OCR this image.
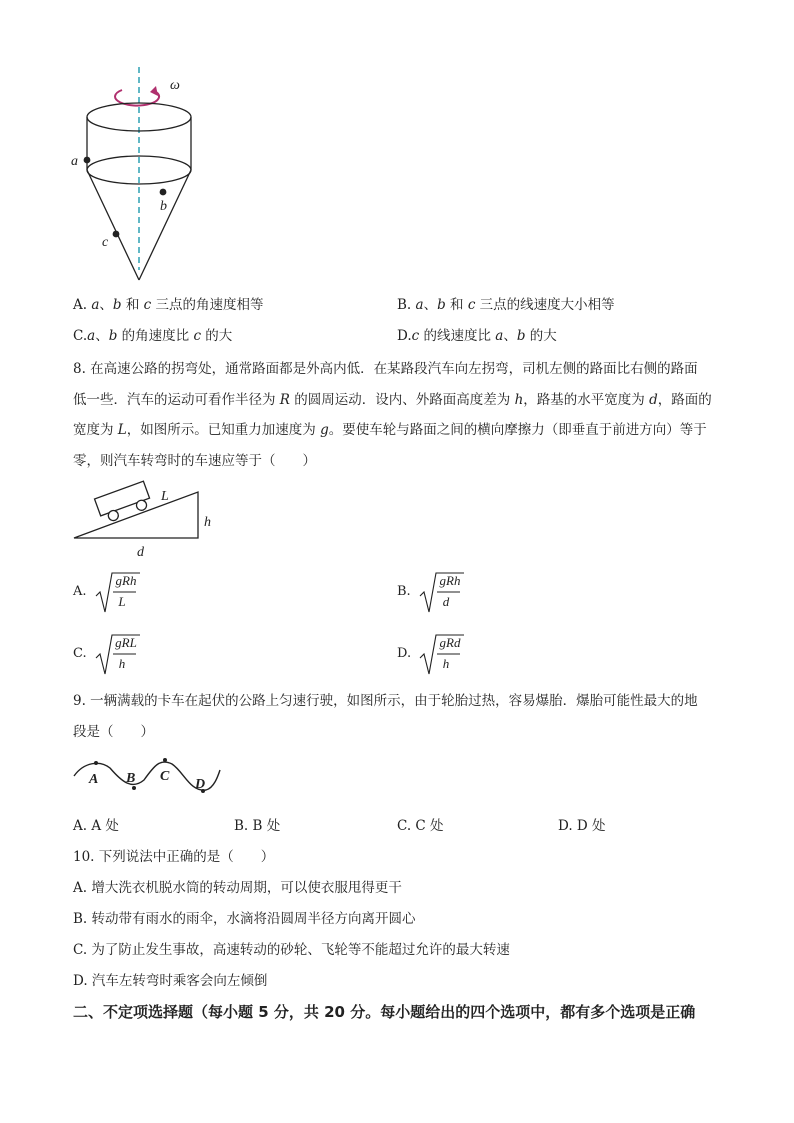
ω
a
b
c
A. a、b 和 c 三点的角速度相等	B. a、b 和 c 三点的线速度大小相等
C.a、b 的角速度比 c 的大	D.c 的线速度比 a、b 的大
8. 在高速公路的拐弯处，通常路面都是外高内低．在某路段汽车向左拐弯，司机左侧的路面比右侧的路面
低一些．汽车的运动可看作半径为 R 的圆周运动．设内、外路面高度差为 h，路基的水平宽度为 d，路面的
宽度为 L，如图所示。已知重力加速度为 g。要使车轮与路面之间的横向摩擦力（即垂直于前进方向）等于
零，则汽车转弯时的车速应等于（　　）
L
h
d
A.
gRh
L
B.
gRh
d
C.
gRL
h
D.
gRd
h
9. 一辆满载的卡车在起伏的公路上匀速行驶，如图所示，由于轮胎过热，容易爆胎．爆胎可能性最大的地
段是（　　）
A B C
D
A. A 处	B. B 处	C. C 处	D. D 处
10. 下列说法中正确的是（　　）
A. 增大洗衣机脱水筒的转动周期，可以使衣服甩得更干
B. 转动带有雨水的雨伞，水滴将沿圆周半径方向离开圆心
C. 为了防止发生事故，高速转动的砂轮、飞轮等不能超过允许的最大转速
D. 汽车左转弯时乘客会向左倾倒
二、不定项选择题（每小题 5 分，共 20 分。每小题给出的四个选项中，都有多个选项是正确
